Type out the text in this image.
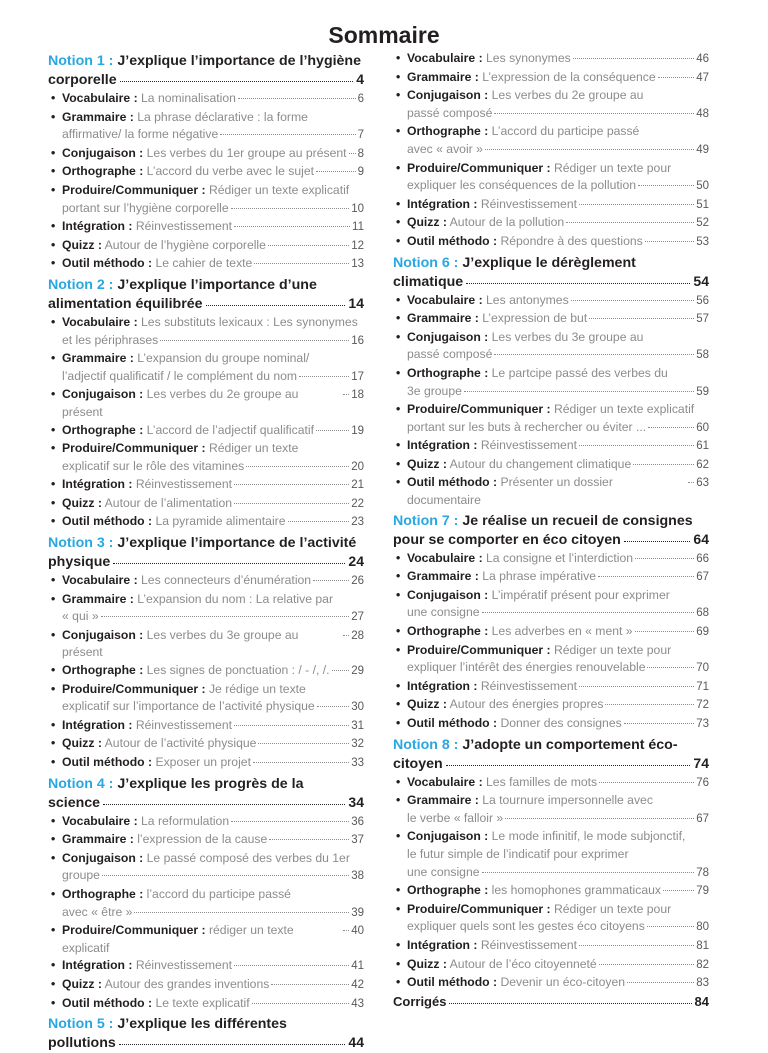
Sommaire
Notion 1 : J’explique l’importance de l’hygiène
corporelle	4
• Vocabulaire : La nominalisation	6
• Grammaire : La phrase déclarative : la forme
affirmative/ la forme négative	7
• Conjugaison : Les verbes du 1er groupe au présent 8
• Orthographe : L’accord du verbe avec le sujet	9
• Produire/Communiquer : Rédiger un texte explicatif
portant sur l’hygiène corporelle	10
• Intégration : Réinvestissement	11
• Quizz : Autour de l’hygiène corporelle	12
• Outil méthodo : Le cahier de texte	13
Notion 2 : J’explique l’importance d’une
alimentation équilibrée	14
• Vocabulaire : Les substituts lexicaux : Les synonymes
et les périphrases	16
• Grammaire : L’expansion du groupe nominal/
l’adjectif qualificatif / le complément du nom	17
• Conjugaison : Les verbes du 2e groupe au présent
18
• Orthographe : L’accord de l’adjectif qualificatif	19
• Produire/Communiquer : Rédiger un texte
explicatif sur le rôle des vitamines	20
• Intégration : Réinvestissement	21
• Quizz : Autour de l’alimentation	22
• Outil méthodo : La pyramide alimentaire	23
Notion 3 : J’explique l’importance de l’activité
physique	24
• Vocabulaire : Les connecteurs d’énumération	26
• Grammaire : L’expansion du nom : La relative par
« qui »	27
• Conjugaison : Les verbes du 3e groupe au présent
28
• Orthographe : Les signes de ponctuation : / - /, /. 29
• Produire/Communiquer : Je rédige un texte
explicatif sur l’importance de l’activité physique	30
• Intégration : Réinvestissement	31
• Quizz : Autour de l’activité physique	32
• Outil méthodo : Exposer un projet	33
Notion 4 : J’explique les progrès de la
science	34
• Vocabulaire : La reformulation	36
• Grammaire : l’expression de la cause	37
• Conjugaison : Le passé composé des verbes du 1er
groupe	38
• Orthographe : l’accord du participe passé
avec « être »	39
• Produire/Communiquer : rédiger un texte explicatif
40
• Intégration : Réinvestissement	41
• Quizz : Autour des grandes inventions	42
• Outil méthodo : Le texte explicatif	43
Notion 5 : J’explique les différentes
pollutions	44
• Vocabulaire : Les synonymes	46
• Grammaire : L’expression de la conséquence	47
• Conjugaison : Les verbes du 2e groupe au
passé composé	48
• Orthographe : L’accord du participe passé
avec « avoir »	49
• Produire/Communiquer : Rédiger un texte pour
expliquer les conséquences de la pollution	50
• Intégration : Réinvestissement	51
• Quizz : Autour de la pollution	52
• Outil méthodo : Répondre à des questions	53
Notion 6 : J’explique le dérèglement
climatique	54
• Vocabulaire : Les antonymes	56
• Grammaire : L’expression de but	57
• Conjugaison : Les verbes du 3e groupe au
passé composé	58
• Orthographe : Le partcipe passé des verbes du
3e groupe	59
• Produire/Communiquer : Rédiger un texte explicatif
portant sur les buts à rechercher ou éviter ...	60
• Intégration : Réinvestissement	61
• Quizz : Autour du changement climatique	62
• Outil méthodo : Présenter un dossier documentaire
63
Notion 7 : Je réalise un recueil de consignes
pour se comporter en éco citoyen	64
• Vocabulaire : La consigne et l’interdiction	66
• Grammaire : La phrase impérative	67
• Conjugaison : L’impératif présent pour exprimer
une consigne	68
• Orthographe : Les adverbes en « ment »	69
• Produire/Communiquer : Rédiger un texte pour
expliquer l’intérêt des énergies renouvelable	70
• Intégration : Réinvestissement	71
• Quizz : Autour des énergies propres	72
• Outil méthodo : Donner des consignes	73
Notion 8 : J’adopte un comportement éco-
citoyen	74
• Vocabulaire : Les familles de mots	76
• Grammaire : La tournure impersonnelle avec
le verbe « falloir »	67
• Conjugaison : Le mode infinitif, le mode subjonctif,
le futur simple de l’indicatif pour exprimer
une consigne	78
• Orthographe : les homophones grammaticaux	79
• Produire/Communiquer : Rédiger un texte pour
expliquer quels sont les gestes éco citoyens	80
• Intégration : Réinvestissement	81
• Quizz : Autour de l’éco citoyenneté	82
• Outil méthodo : Devenir un éco-citoyen	83
Corrigés	84
